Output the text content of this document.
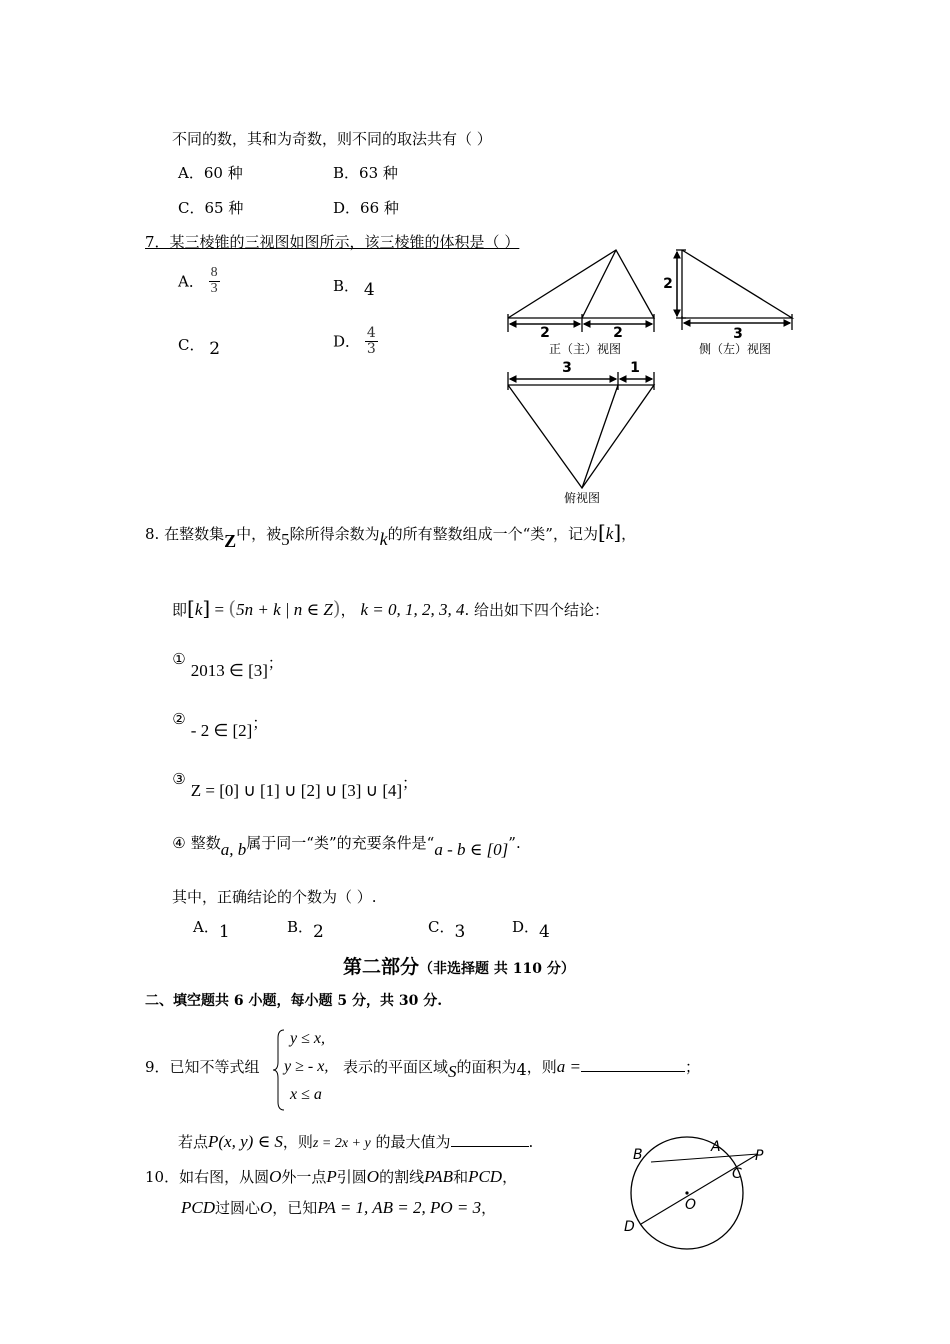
不同的数，其和为奇数，则不同的取法共有（ ）
A．60 种	B．63 种
C．65 种	D．66 种
7．某三棱锥的三视图如图所示，该三棱锥的体积是（ ）
A． $\frac{8}{3}$	B． 4
C． 2	D． $\frac{4}{3}$	2	2
正（主）视图
2
3
侧（左）视图
3	1
俯视图
8. 在整数集Z中，被5除所得余数为k的所有整数组成一个“类”，记为[k]，
即[k] = (5n + k | n ∈ Z)， k = 0, 1, 2, 3, 4. 给出如下四个结论：
① 2013 ∈ [3]；
② - 2 ∈ [2]；
③ Z = [0] ∪ [1] ∪ [2] ∪ [3] ∪ [4]；
④ 整数a, b属于同一“类”的充要条件是“a - b ∈ [0]”.
其中，正确结论的个数为（ ）.
A．1	B．2	C．3	D．4
第二部分（非选择题 共 110 分）
二、填空题共 6 小题，每小题 5 分，共 30 分.
9．已知不等式组
y ≤ x,
y ≥ - x,
x ≤ a
表示的平面区域S的面积为4，则a =	；
若点P(x, y) ∈ S，则z = 2x + y 的最大值为	.
10．如右图，从圆O外一点P引圆O的割线PAB和PCD，
PCD过圆心O，已知PA = 1, AB = 2, PO = 3，
B	A
P
C
O
D
